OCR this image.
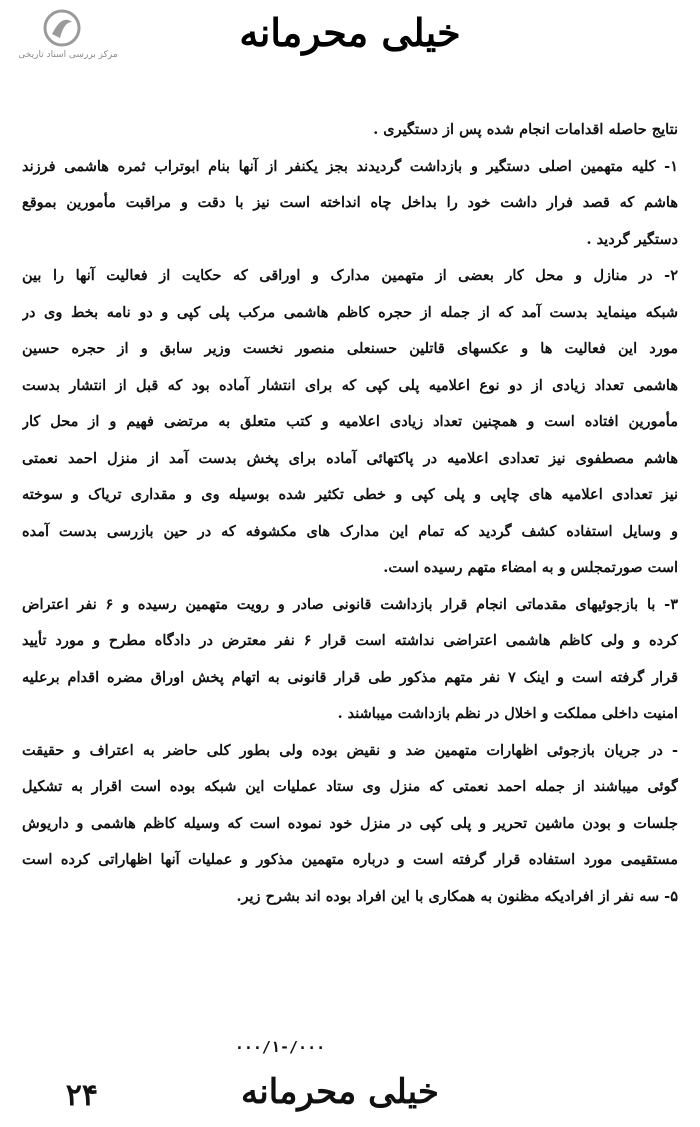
مرکز بررسی اسناد تاریخی	خیلی محرمانه
نتایج حاصله اقدامات انجام شده پس از دستگیری .
۱- کلیه متهمین اصلی دستگیر و بازداشت گردیدند بجز یکنفر از آنها بنام ابوتراب ثمره هاشمی فرزند
هاشم که قصد فرار داشت خود را بداخل چاه انداخته است نیز با دقت و مراقبت مأمورین بموقع
دستگیر گردید .
۲- در منازل و محل کار بعضی از متهمین مدارک و اوراقی که حکایت از فعالیت آنها را بین
شبکه مینماید بدست آمد که از جمله از حجره کاظم هاشمی مرکب پلی کپی و دو نامه بخط وی در
مورد این فعالیت ها و عکسهای قاتلین حسنعلی منصور نخست وزیر سابق و از حجره حسین
هاشمی تعداد زیادی از دو نوع اعلامیه پلی کپی که برای انتشار آماده بود که قبل از انتشار بدست
مأمورین افتاده است و همچنین تعداد زیادی اعلامیه و کتب متعلق به مرتضی فهیم و از محل کار
هاشم مصطفوی نیز تعدادی اعلامیه در پاکتهائی آماده برای پخش بدست آمد از منزل احمد نعمتی
نیز تعدادی اعلامیه های چاپی و پلی کپی و خطی تکثیر شده بوسیله وی و مقداری تریاک و سوخته
و وسایل استفاده کشف گردید که تمام این مدارک های مکشوفه که در حین بازرسی بدست آمده
است صورتمجلس و به امضاء متهم رسیده است.
۳- با بازجوئیهای مقدماتی انجام قرار بازداشت قانونی صادر و رویت متهمین رسیده و ۶ نفر اعتراض
کرده و ولی کاظم هاشمی اعتراضی نداشته است قرار ۶ نفر معترض در دادگاه مطرح و مورد تأیید
قرار گرفته است و اینک ۷ نفر متهم مذکور طی قرار قانونی به اتهام پخش اوراق مضره اقدام برعلیه
امنیت داخلی مملکت و اخلال در نظم بازداشت میباشند .
- در جریان بازجوئی اظهارات متهمین ضد و نقیض بوده ولی بطور کلی حاضر به اعتراف و حقیقت
گوئی میباشند از جمله احمد نعمتی که منزل وی ستاد عملیات این شبکه بوده است اقرار به تشکیل
جلسات و بودن ماشین تحریر و پلی کپی در منزل خود نموده است که وسیله کاظم هاشمی و داریوش
مستقیمی مورد استفاده قرار گرفته است و درباره متهمین مذکور و عملیات آنها اظهاراتی کرده است
۵- سه نفر از افرادیکه مظنون به همکاری با این افراد بوده اند بشرح زیر.
۰۰۰/۱-/۰۰۰
خیلی محرمانه
۲۴
